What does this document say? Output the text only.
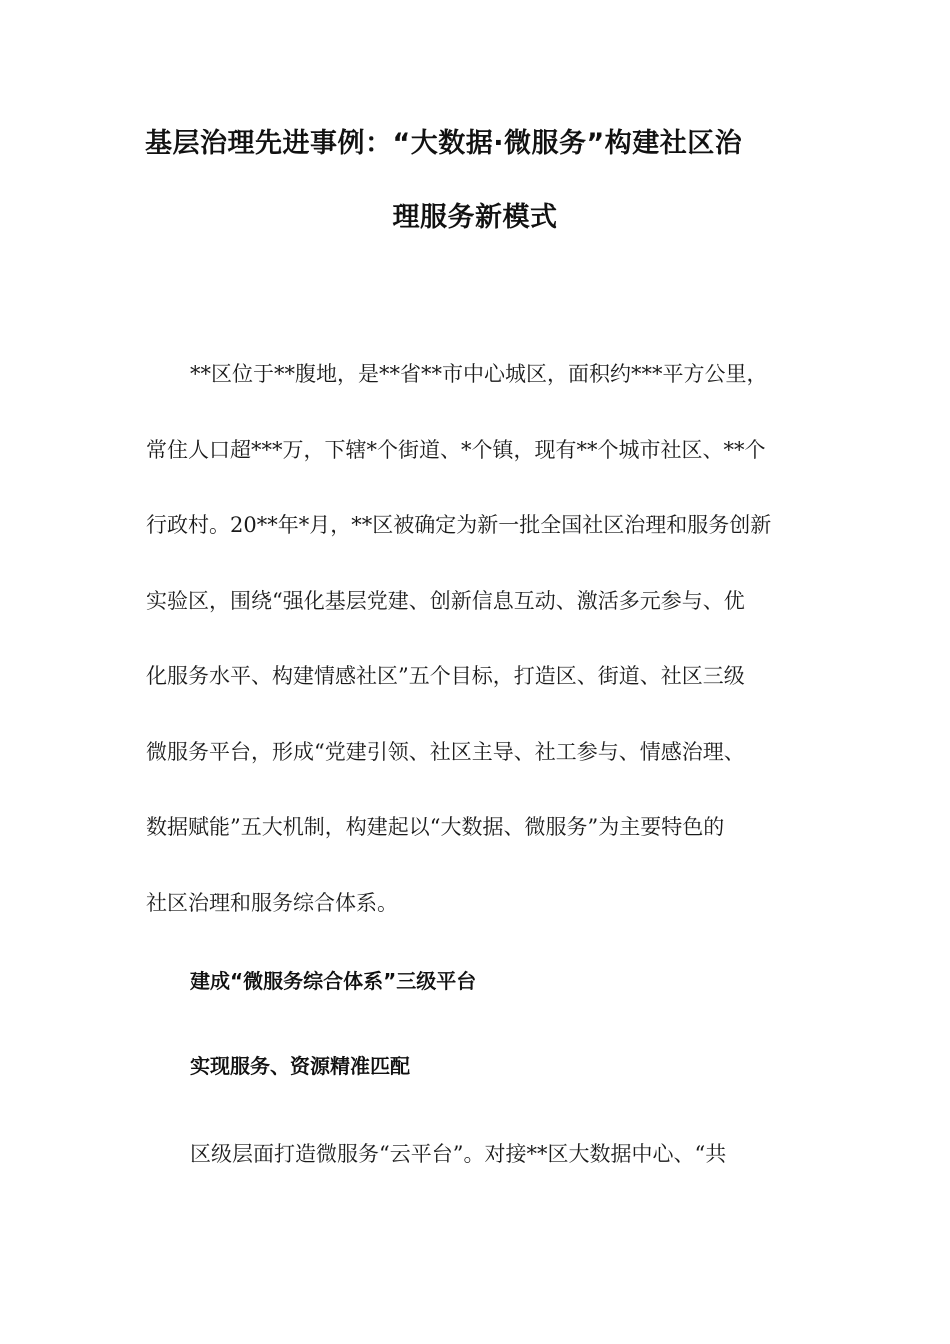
基层治理先进事例：“大数据·微服务”构建社区治
理服务新模式
**区位于**腹地，是**省**市中心城区，面积约***平方公里，
常住人口超***万，下辖*个街道、*个镇，现有**个城市社区、**个
行政村。20**年*月，**区被确定为新一批全国社区治理和服务创新
实验区，围绕“强化基层党建、创新信息互动、激活多元参与、优
化服务水平、构建情感社区”五个目标，打造区、街道、社区三级
微服务平台，形成“党建引领、社区主导、社工参与、情感治理、
数据赋能”五大机制，构建起以“大数据、微服务”为主要特色的
社区治理和服务综合体系。
建成“微服务综合体系”三级平台
实现服务、资源精准匹配
区级层面打造微服务“云平台”。对接**区大数据中心、“共
